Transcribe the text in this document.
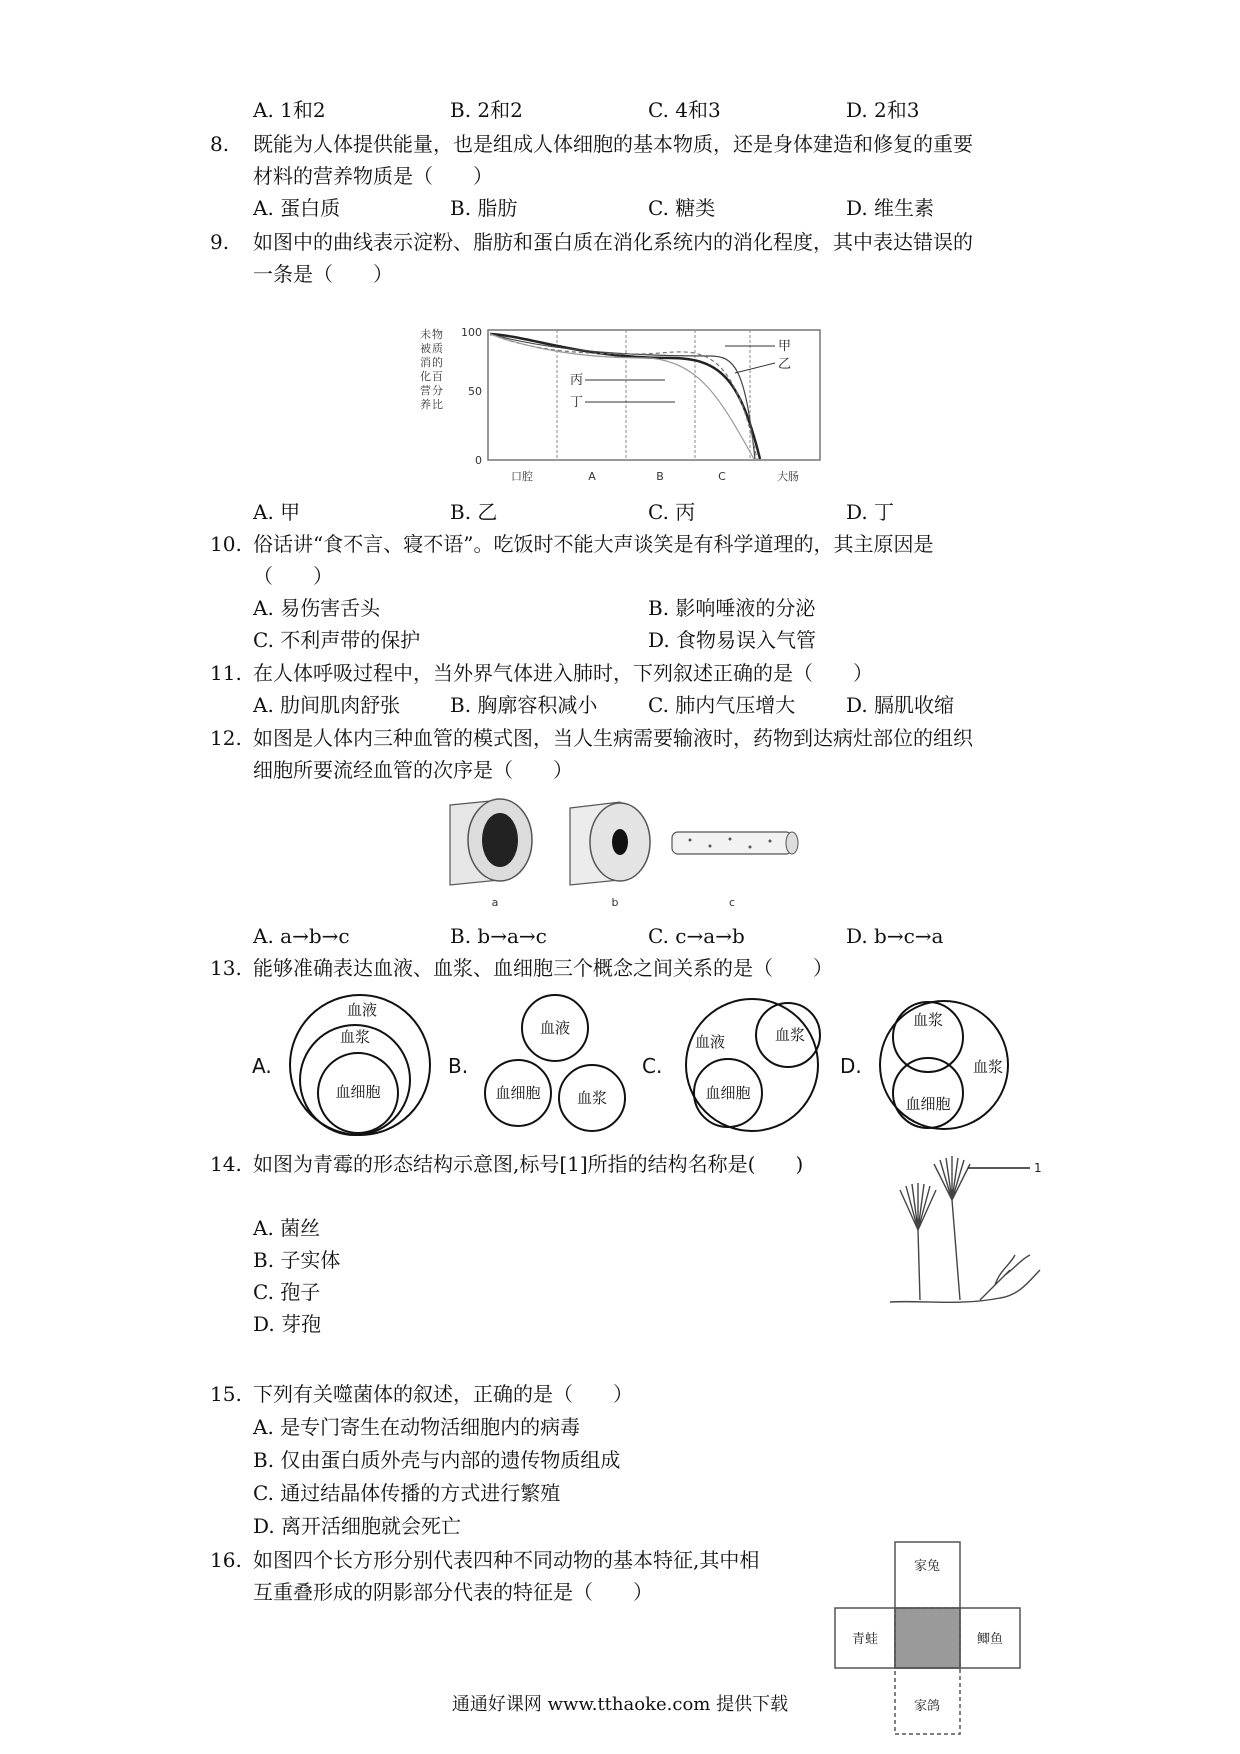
A. 1和2	B. 2和2	C. 4和3	D. 2和3
8. 既能为人体提供能量，也是组成人体细胞的基本物质，还是身体建造和修复的重要
材料的营养物质是（　　）
A. 蛋白质	B. 脂肪	C. 糖类	D. 维生素
9. 如图中的曲线表示淀粉、脂肪和蛋白质在消化系统内的消化程度，其中表达错误的
一条是（　　）
未 物
被 质
消 的
化 百
营 分
养 比
100
50
0
甲
乙
丙
丁
口腔	A	B	C	大肠
A. 甲	B. 乙	C. 丙	D. 丁
10. 俗话讲“食不言、寝不语”。吃饭时不能大声谈笑是有科学道理的，其主原因是
（　　）
A. 易伤害舌头	B. 影响唾液的分泌
C. 不利声带的保护	D. 食物易误入气管
11. 在人体呼吸过程中，当外界气体进入肺时，下列叙述正确的是（　　）
A. 肋间肌肉舒张 B. 胸廓容积减小	C. 肺内气压增大	D. 膈肌收缩
12. 如图是人体内三种血管的模式图，当人生病需要输液时，药物到达病灶部位的组织
细胞所要流经血管的次序是（　　）
a	b	c
A. a→b→c	B. b→a→c	C. c→a→b	D. b→c→a
13. 能够准确表达血液、血浆、血细胞三个概念之间关系的是（　　）
A.	B.	C.	D.
血液
血浆
血细胞
血液
血细胞 血浆
血液	血浆
血细胞
血浆
血浆
血细胞
14. 如图为青霉的形态结构示意图,标号[1]所指的结构名称是(　　)
A. 菌丝
B. 子实体
C. 孢子
D. 芽孢
1
15. 下列有关噬菌体的叙述，正确的是（　　）
A. 是专门寄生在动物活细胞内的病毒
B. 仅由蛋白质外壳与内部的遗传物质组成
C. 通过结晶体传播的方式进行繁殖
D. 离开活细胞就会死亡
16. 如图四个长方形分别代表四种不同动物的基本特征,其中相
互重叠形成的阴影部分代表的特征是（　　）
家兔
青蛙	鲫鱼
家鸽
通通好课网 www.tthaoke.com 提供下载
